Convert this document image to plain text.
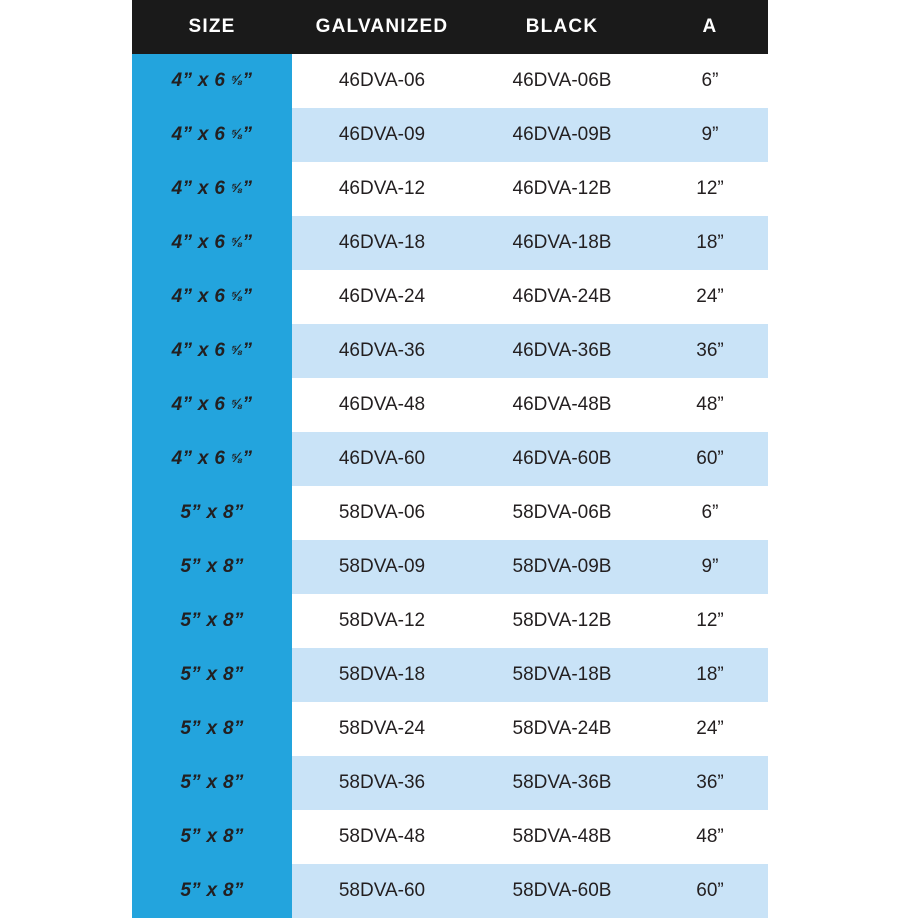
SIZE	GALVANIZED	BLACK	A
4” x 6 ⅝”	46DVA-06	46DVA-06B	6”
4” x 6 ⅝”	46DVA-09	46DVA-09B	9”
4” x 6 ⅝”	46DVA-12	46DVA-12B	12”
4” x 6 ⅝”	46DVA-18	46DVA-18B	18”
4” x 6 ⅝”	46DVA-24	46DVA-24B	24”
4” x 6 ⅝”	46DVA-36	46DVA-36B	36”
4” x 6 ⅝”	46DVA-48	46DVA-48B	48”
4” x 6 ⅝”	46DVA-60	46DVA-60B	60”
5” x 8”	58DVA-06	58DVA-06B	6”
5” x 8”	58DVA-09	58DVA-09B	9”
5” x 8”	58DVA-12	58DVA-12B	12”
5” x 8”	58DVA-18	58DVA-18B	18”
5” x 8”	58DVA-24	58DVA-24B	24”
5” x 8”	58DVA-36	58DVA-36B	36”
5” x 8”	58DVA-48	58DVA-48B	48”
5” x 8”	58DVA-60	58DVA-60B	60”
